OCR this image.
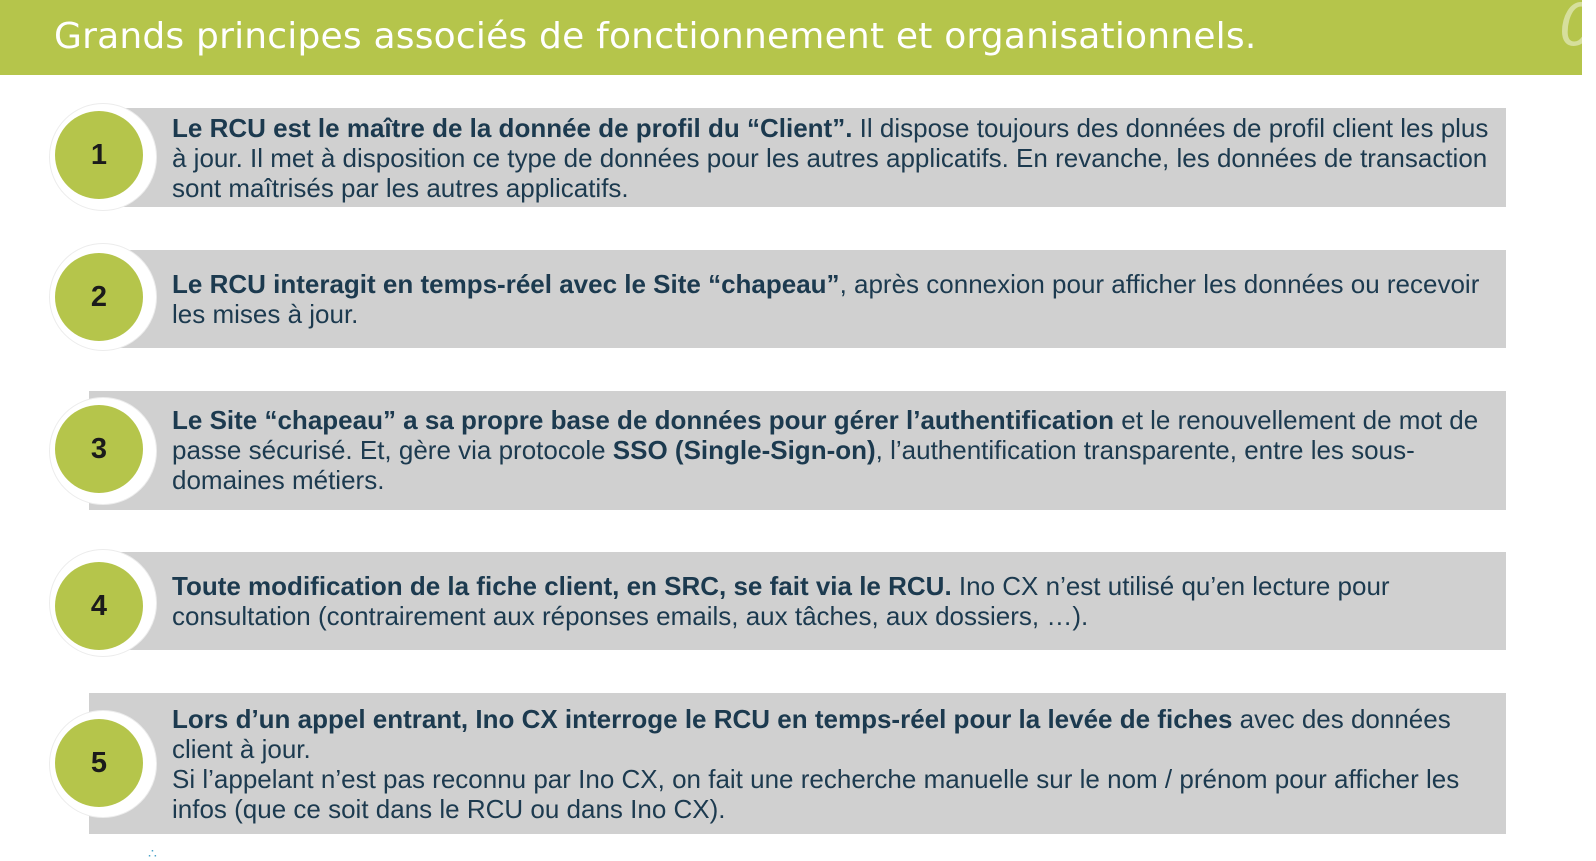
Grands principes associés de fonctionnement et organisationnels.	0
1

Le RCU est le maître de la donnée de profil du “Client”. Il dispose toujours des données de profil client les plus à jour. Il met à disposition ce type de données pour les autres applicatifs. En revanche, les données de transaction sont maîtrisés par les autres applicatifs.

2	Le RCU interagit en temps-réel avec le Site “chapeau”, après connexion pour afficher les données ou recevoir les mises à jour.

3

Le Site “chapeau” a sa propre base de données pour gérer l’authentification et le renouvellement de mot de passe sécurisé. Et, gère via protocole SSO (Single-Sign-on), l’authentification transparente, entre les sous-domaines métiers.

4

Toute modification de la fiche client, en SRC, se fait via le RCU. Ino CX n’est utilisé qu’en lecture pour consultation (contrairement aux réponses emails, aux tâches, aux dossiers, …).

5

Lors d’un appel entrant, Ino CX interroge le RCU en temps-réel pour la levée de fiches avec des données client à jour.
Si l’appelant n’est pas reconnu par Ino CX, on fait une recherche manuelle sur le nom / prénom pour afficher les infos (que ce soit dans le RCU ou dans Ino CX).

∴
